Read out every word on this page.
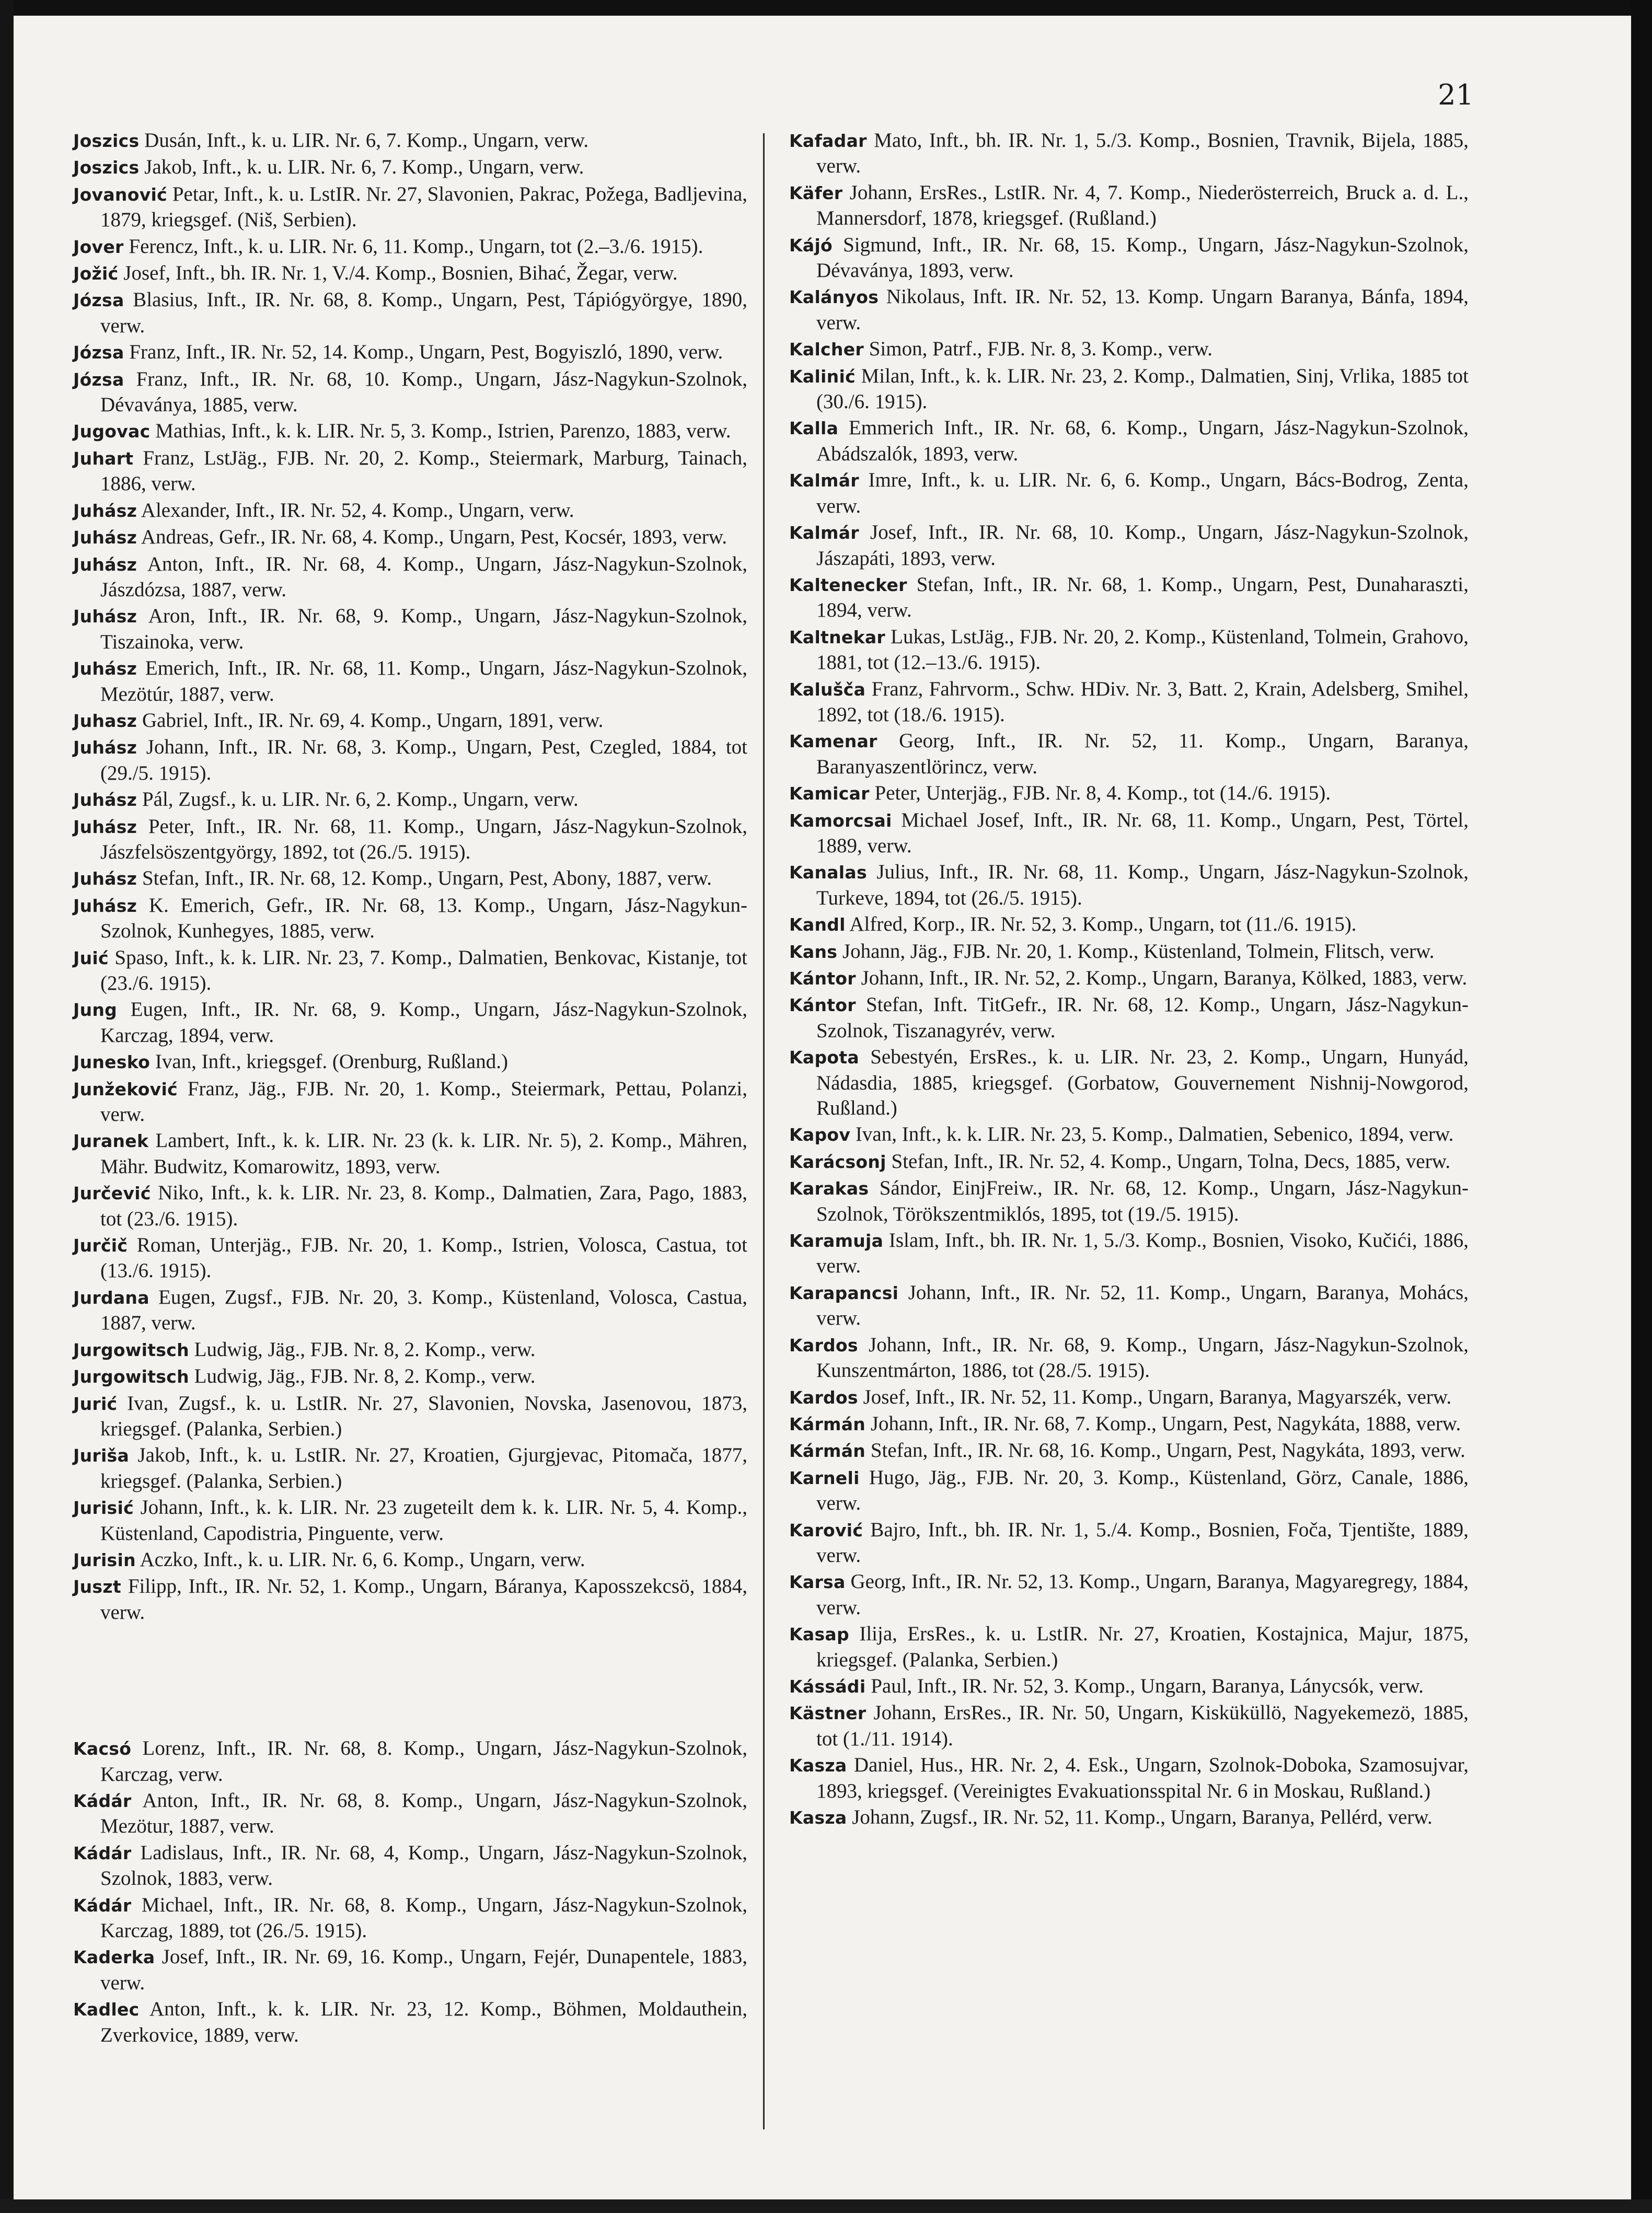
21

Joszics Dusán, Inft., k. u. LIR. Nr. 6, 7. Komp., Ungarn, verw.

Joszics Jakob, Inft., k. u. LIR. Nr. 6, 7. Komp., Ungarn, verw.

Jovanović Petar, Inft., k. u. LstIR. Nr. 27, Slavonien, Pakrac, Požega, Badljevina, 1879, kriegsgef. (Niš, Serbien).

Jover Ferencz, Inft., k. u. LIR. Nr. 6, 11. Komp., Ungarn, tot (2.–3./6. 1915).

Jožić Josef, Inft., bh. IR. Nr. 1, V./4. Komp., Bosnien, Bihać, Žegar, verw.

Józsa Blasius, Inft., IR. Nr. 68, 8. Komp., Ungarn, Pest, Tápiógyörgye, 1890, verw.

Józsa Franz, Inft., IR. Nr. 52, 14. Komp., Ungarn, Pest, Bogyiszló, 1890, verw.

Józsa Franz, Inft., IR. Nr. 68, 10. Komp., Ungarn, Jász-Nagykun-Szolnok, Dévaványa, 1885, verw.

Jugovac Mathias, Inft., k. k. LIR. Nr. 5, 3. Komp., Istrien, Parenzo, 1883, verw.

Juhart Franz, LstJäg., FJB. Nr. 20, 2. Komp., Steiermark, Marburg, Tainach, 1886, verw.

Juhász Alexander, Inft., IR. Nr. 52, 4. Komp., Ungarn, verw.

Juhász Andreas, Gefr., IR. Nr. 68, 4. Komp., Ungarn, Pest, Kocsér, 1893, verw.

Juhász Anton, Inft., IR. Nr. 68, 4. Komp., Ungarn, Jász-Nagykun-Szolnok, Jászdózsa, 1887, verw.

Juhász Aron, Inft., IR. Nr. 68, 9. Komp., Ungarn, Jász-Nagykun-Szolnok, Tiszainoka, verw.

Juhász Emerich, Inft., IR. Nr. 68, 11. Komp., Ungarn, Jász-Nagykun-Szolnok, Mezötúr, 1887, verw.

Juhasz Gabriel, Inft., IR. Nr. 69, 4. Komp., Ungarn, 1891, verw.

Juhász Johann, Inft., IR. Nr. 68, 3. Komp., Ungarn, Pest, Czegled, 1884, tot (29./5. 1915).

Juhász Pál, Zugsf., k. u. LIR. Nr. 6, 2. Komp., Ungarn, verw.

Juhász Peter, Inft., IR. Nr. 68, 11. Komp., Ungarn, Jász-Nagykun-Szolnok, Jászfelsöszentgyörgy, 1892, tot (26./5. 1915).

Juhász Stefan, Inft., IR. Nr. 68, 12. Komp., Ungarn, Pest, Abony, 1887, verw.

Juhász K. Emerich, Gefr., IR. Nr. 68, 13. Komp., Ungarn, Jász-Nagykun-Szolnok, Kunhegyes, 1885, verw.

Juić Spaso, Inft., k. k. LIR. Nr. 23, 7. Komp., Dalmatien, Benkovac, Kistanje, tot (23./6. 1915).

Jung Eugen, Inft., IR. Nr. 68, 9. Komp., Ungarn, Jász-Nagykun-Szolnok, Karczag, 1894, verw.

Junesko Ivan, Inft., kriegsgef. (Orenburg, Rußland.)

Junžeković Franz, Jäg., FJB. Nr. 20, 1. Komp., Steiermark, Pettau, Polanzi, verw.

Juranek Lambert, Inft., k. k. LIR. Nr. 23 (k. k. LIR. Nr. 5), 2. Komp., Mähren, Mähr. Budwitz, Komarowitz, 1893, verw.

Jurčević Niko, Inft., k. k. LIR. Nr. 23, 8. Komp., Dalmatien, Zara, Pago, 1883, tot (23./6. 1915).

Jurčič Roman, Unterjäg., FJB. Nr. 20, 1. Komp., Istrien, Volosca, Castua, tot (13./6. 1915).

Jurdana Eugen, Zugsf., FJB. Nr. 20, 3. Komp., Küstenland, Volosca, Castua, 1887, verw.

Jurgowitsch Ludwig, Jäg., FJB. Nr. 8, 2. Komp., verw.

Jurgowitsch Ludwig, Jäg., FJB. Nr. 8, 2. Komp., verw.

Jurić Ivan, Zugsf., k. u. LstIR. Nr. 27, Slavonien, Novska, Jasenovou, 1873, kriegsgef. (Palanka, Serbien.)

Juriša Jakob, Inft., k. u. LstIR. Nr. 27, Kroatien, Gjurgjevac, Pitomača, 1877, kriegsgef. (Palanka, Serbien.)

Jurisić Johann, Inft., k. k. LIR. Nr. 23 zugeteilt dem k. k. LIR. Nr. 5, 4. Komp., Küstenland, Capodistria, Pinguente, verw.

Jurisin Aczko, Inft., k. u. LIR. Nr. 6, 6. Komp., Ungarn, verw.

Juszt Filipp, Inft., IR. Nr. 52, 1. Komp., Ungarn, Báranya, Kaposszekcsö, 1884, verw.

Kacsó Lorenz, Inft., IR. Nr. 68, 8. Komp., Ungarn, Jász-Nagykun-Szolnok, Karczag, verw.

Kádár Anton, Inft., IR. Nr. 68, 8. Komp., Ungarn, Jász-Nagykun-Szolnok, Mezötur, 1887, verw.

Kádár Ladislaus, Inft., IR. Nr. 68, 4, Komp., Ungarn, Jász-Nagykun-Szolnok, Szolnok, 1883, verw.

Kádár Michael, Inft., IR. Nr. 68, 8. Komp., Ungarn, Jász-Nagykun-Szolnok, Karczag, 1889, tot (26./5. 1915).

Kaderka Josef, Inft., IR. Nr. 69, 16. Komp., Ungarn, Fejér, Dunapentele, 1883, verw.

Kadlec Anton, Inft., k. k. LIR. Nr. 23, 12. Komp., Böhmen, Moldauthein, Zverkovice, 1889, verw.

Kafadar Mato, Inft., bh. IR. Nr. 1, 5./3. Komp., Bosnien, Travnik, Bijela, 1885, verw.

Käfer Johann, ErsRes., LstIR. Nr. 4, 7. Komp., Niederösterreich, Bruck a. d. L., Mannersdorf, 1878, kriegsgef. (Rußland.)

Kájó Sigmund, Inft., IR. Nr. 68, 15. Komp., Ungarn, Jász-Nagykun-Szolnok, Dévaványa, 1893, verw.

Kalányos Nikolaus, Inft. IR. Nr. 52, 13. Komp. Ungarn Baranya, Bánfa, 1894, verw.

Kalcher Simon, Patrf., FJB. Nr. 8, 3. Komp., verw.

Kalinić Milan, Inft., k. k. LIR. Nr. 23, 2. Komp., Dalmatien, Sinj, Vrlika, 1885 tot (30./6. 1915).

Kalla Emmerich Inft., IR. Nr. 68, 6. Komp., Ungarn, Jász-Nagykun-Szolnok, Abádszalók, 1893, verw.

Kalmár Imre, Inft., k. u. LIR. Nr. 6, 6. Komp., Ungarn, Bács-Bodrog, Zenta, verw.

Kalmár Josef, Inft., IR. Nr. 68, 10. Komp., Ungarn, Jász-Nagykun-Szolnok, Jászapáti, 1893, verw.

Kaltenecker Stefan, Inft., IR. Nr. 68, 1. Komp., Ungarn, Pest, Dunaharaszti, 1894, verw.

Kaltnekar Lukas, LstJäg., FJB. Nr. 20, 2. Komp., Küstenland, Tolmein, Grahovo, 1881, tot (12.–13./6. 1915).

Kalušča Franz, Fahrvorm., Schw. HDiv. Nr. 3, Batt. 2, Krain, Adelsberg, Smihel, 1892, tot (18./6. 1915).

Kamenar Georg, Inft., IR. Nr. 52, 11. Komp., Ungarn, Baranya, Baranyaszentlörincz, verw.

Kamicar Peter, Unterjäg., FJB. Nr. 8, 4. Komp., tot (14./6. 1915).

Kamorcsai Michael Josef, Inft., IR. Nr. 68, 11. Komp., Ungarn, Pest, Törtel, 1889, verw.

Kanalas Julius, Inft., IR. Nr. 68, 11. Komp., Ungarn, Jász-Nagykun-Szolnok, Turkeve, 1894, tot (26./5. 1915).

Kandl Alfred, Korp., IR. Nr. 52, 3. Komp., Ungarn, tot (11./6. 1915).

Kans Johann, Jäg., FJB. Nr. 20, 1. Komp., Küstenland, Tolmein, Flitsch, verw.

Kántor Johann, Inft., IR. Nr. 52, 2. Komp., Ungarn, Baranya, Kölked, 1883, verw.

Kántor Stefan, Inft. TitGefr., IR. Nr. 68, 12. Komp., Ungarn, Jász-Nagykun-Szolnok, Tiszanagyrév, verw.

Kapota Sebestyén, ErsRes., k. u. LIR. Nr. 23, 2. Komp., Ungarn, Hunyád, Nádasdia, 1885, kriegsgef. (Gorbatow, Gouvernement Nishnij-Nowgorod, Rußland.)

Kapov Ivan, Inft., k. k. LIR. Nr. 23, 5. Komp., Dalmatien, Sebenico, 1894, verw.

Karácsonj Stefan, Inft., IR. Nr. 52, 4. Komp., Ungarn, Tolna, Decs, 1885, verw.

Karakas Sándor, EinjFreiw., IR. Nr. 68, 12. Komp., Ungarn, Jász-Nagykun-Szolnok, Törökszentmiklós, 1895, tot (19./5. 1915).

Karamuja Islam, Inft., bh. IR. Nr. 1, 5./3. Komp., Bosnien, Visoko, Kučići, 1886, verw.

Karapancsi Johann, Inft., IR. Nr. 52, 11. Komp., Ungarn, Baranya, Mohács, verw.

Kardos Johann, Inft., IR. Nr. 68, 9. Komp., Ungarn, Jász-Nagykun-Szolnok, Kunszentmárton, 1886, tot (28./5. 1915).

Kardos Josef, Inft., IR. Nr. 52, 11. Komp., Ungarn, Baranya, Magyarszék, verw.

Kármán Johann, Inft., IR. Nr. 68, 7. Komp., Ungarn, Pest, Nagykáta, 1888, verw.

Kármán Stefan, Inft., IR. Nr. 68, 16. Komp., Ungarn, Pest, Nagykáta, 1893, verw.

Karneli Hugo, Jäg., FJB. Nr. 20, 3. Komp., Küstenland, Görz, Canale, 1886, verw.

Karović Bajro, Inft., bh. IR. Nr. 1, 5./4. Komp., Bosnien, Foča, Tjentište, 1889, verw.

Karsa Georg, Inft., IR. Nr. 52, 13. Komp., Ungarn, Baranya, Magyaregregy, 1884, verw.

Kasap Ilija, ErsRes., k. u. LstIR. Nr. 27, Kroatien, Kostajnica, Majur, 1875, kriegsgef. (Palanka, Serbien.)

Kássádi Paul, Inft., IR. Nr. 52, 3. Komp., Ungarn, Baranya, Lánycsók, verw.

Kästner Johann, ErsRes., IR. Nr. 50, Ungarn, Kisküküllö, Nagyekemezö, 1885, tot (1./11. 1914).

Kasza Daniel, Hus., HR. Nr. 2, 4. Esk., Ungarn, Szolnok-Doboka, Szamosujvar, 1893, kriegsgef. (Vereinigtes Evakuationsspital Nr. 6 in Moskau, Rußland.)

Kasza Johann, Zugsf., IR. Nr. 52, 11. Komp., Ungarn, Baranya, Pellérd, verw.
